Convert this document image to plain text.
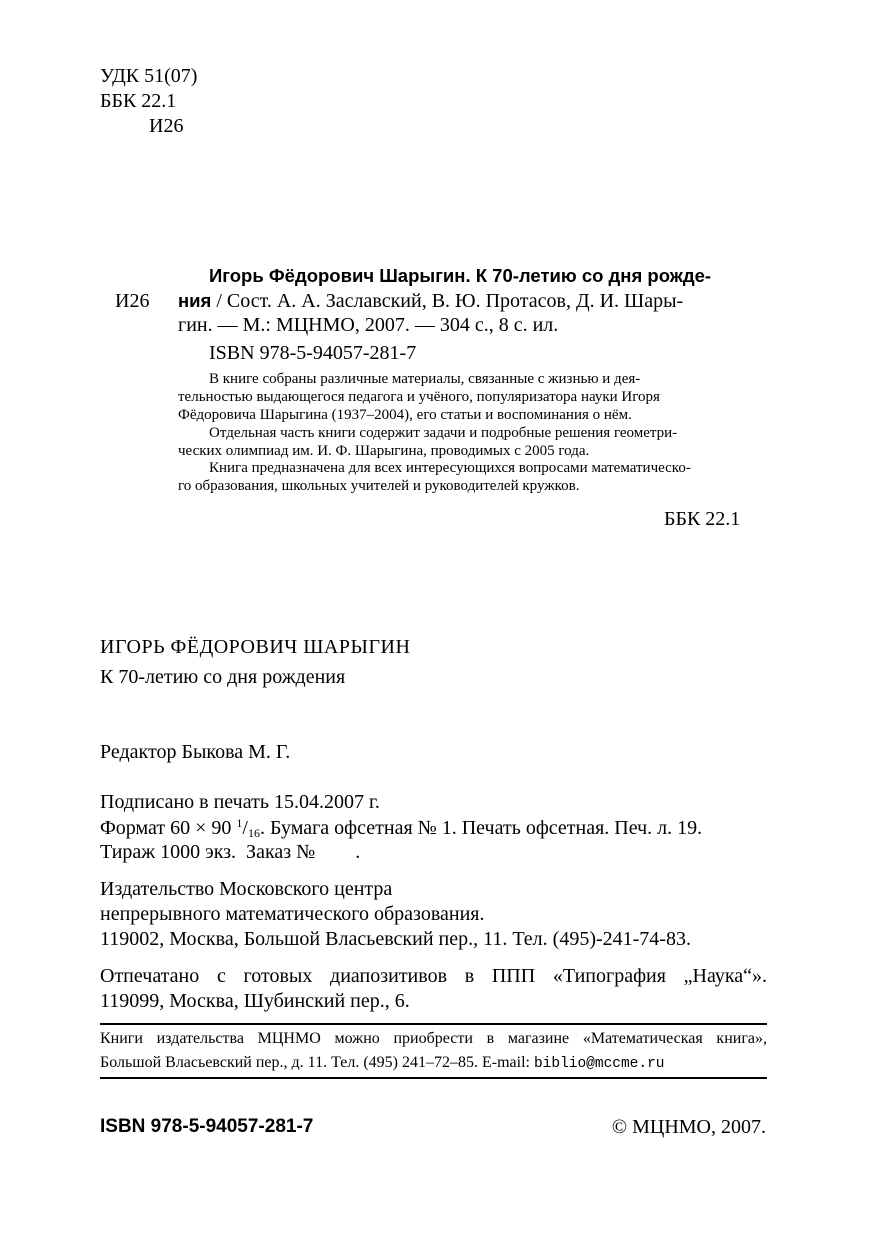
УДК 51(07)
ББК 22.1
И26
И26
Игорь Фёдорович Шарыгин. К 70-летию со дня рожде-
ния / Сост. А. А. Заславский, В. Ю. Протасов, Д. И. Шары-
гин. — М.: МЦНМО, 2007. — 304 с., 8 с. ил.
ISBN 978-5-94057-281-7
В книге собраны различные материалы, связанные с жизнью и дея-
тельностью выдающегося педагога и учёного, популяризатора науки Игоря
Фёдоровича Шарыгина (1937–2004), его статьи и воспоминания о нём.
Отдельная часть книги содержит задачи и подробные решения геометри-
ческих олимпиад им. И. Ф. Шарыгина, проводимых с 2005 года.
Книга предназначена для всех интересующихся вопросами математическо-
го образования, школьных учителей и руководителей кружков.
ББК 22.1
ИГОРЬ ФЁДОРОВИЧ ШАРЫГИН
К 70-летию со дня рождения
Редактор Быкова М. Г.
Подписано в печать 15.04.2007 г.
Формат 60 × 90 $^1/_{16}$. Бумага офсетная № 1. Печать офсетная. Печ. л. 19.
Тираж 1000 экз.  Заказ №        .
Издательство Московского центра
непрерывного математического образования.
119002, Москва, Большой Власьевский пер., 11. Тел. (495)-241-74-83.
Отпечатано с готовых диапозитивов в ППП «Типография „Наука“».
119099, Москва, Шубинский пер., 6.
Книги издательства МЦНМО можно приобрести в магазине «Математическая книга»,
Большой Власьевский пер., д. 11. Тел. (495) 241–72–85. E-mail: biblio@mccme.ru
ISBN 978-5-94057-281-7	© МЦНМО, 2007.
